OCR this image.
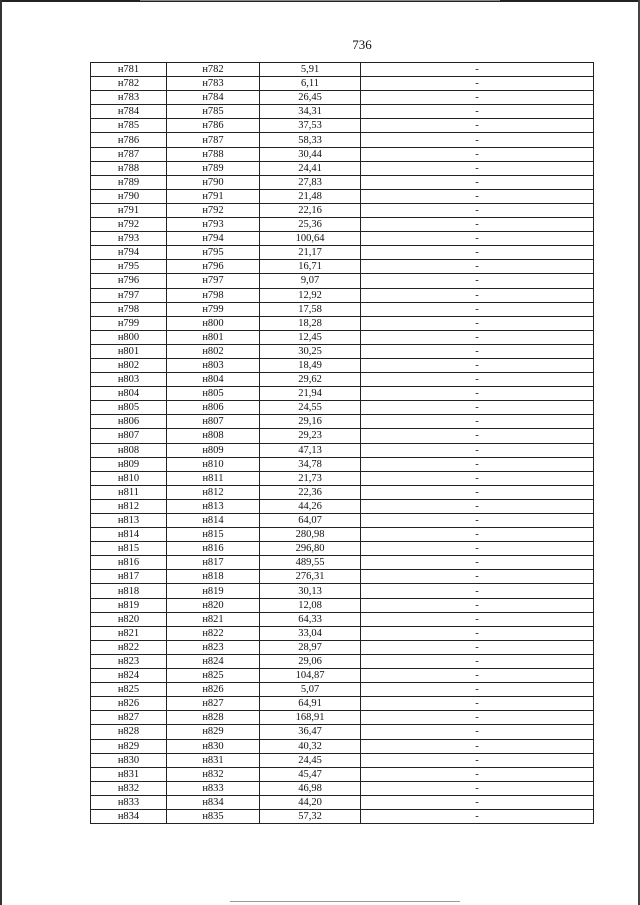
736
н781	н782	5,91	-
н782	н783	6,11	-
н783	н784	26,45	-
н784	н785	34,31	-
н785	н786	37,53	-
н786	н787	58,33	-
н787	н788	30,44	-
н788	н789	24,41	-
н789	н790	27,83	-
н790	н791	21,48	-
н791	н792	22,16	-
н792	н793	25,36	-
н793	н794	100,64	-
н794	н795	21,17	-
н795	н796	16,71	-
н796	н797	9,07	-
н797	н798	12,92	-
н798	н799	17,58	-
н799	н800	18,28	-
н800	н801	12,45	-
н801	н802	30,25	-
н802	н803	18,49	-
н803	н804	29,62	-
н804	н805	21,94	-
н805	н806	24,55	-
н806	н807	29,16	-
н807	н808	29,23	-
н808	н809	47,13	-
н809	н810	34,78	-
н810	н811	21,73	-
н811	н812	22,36	-
н812	н813	44,26	-
н813	н814	64,07	-
н814	н815	280,98	-
н815	н816	296,80	-
н816	н817	489,55	-
н817	н818	276,31	-
н818	н819	30,13	-
н819	н820	12,08	-
н820	н821	64,33	-
н821	н822	33,04	-
н822	н823	28,97	-
н823	н824	29,06	-
н824	н825	104,87	-
н825	н826	5,07	-
н826	н827	64,91	-
н827	н828	168,91	-
н828	н829	36,47	-
н829	н830	40,32	-
н830	н831	24,45	-
н831	н832	45,47	-
н832	н833	46,98	-
н833	н834	44,20	-
н834	н835	57,32	-
